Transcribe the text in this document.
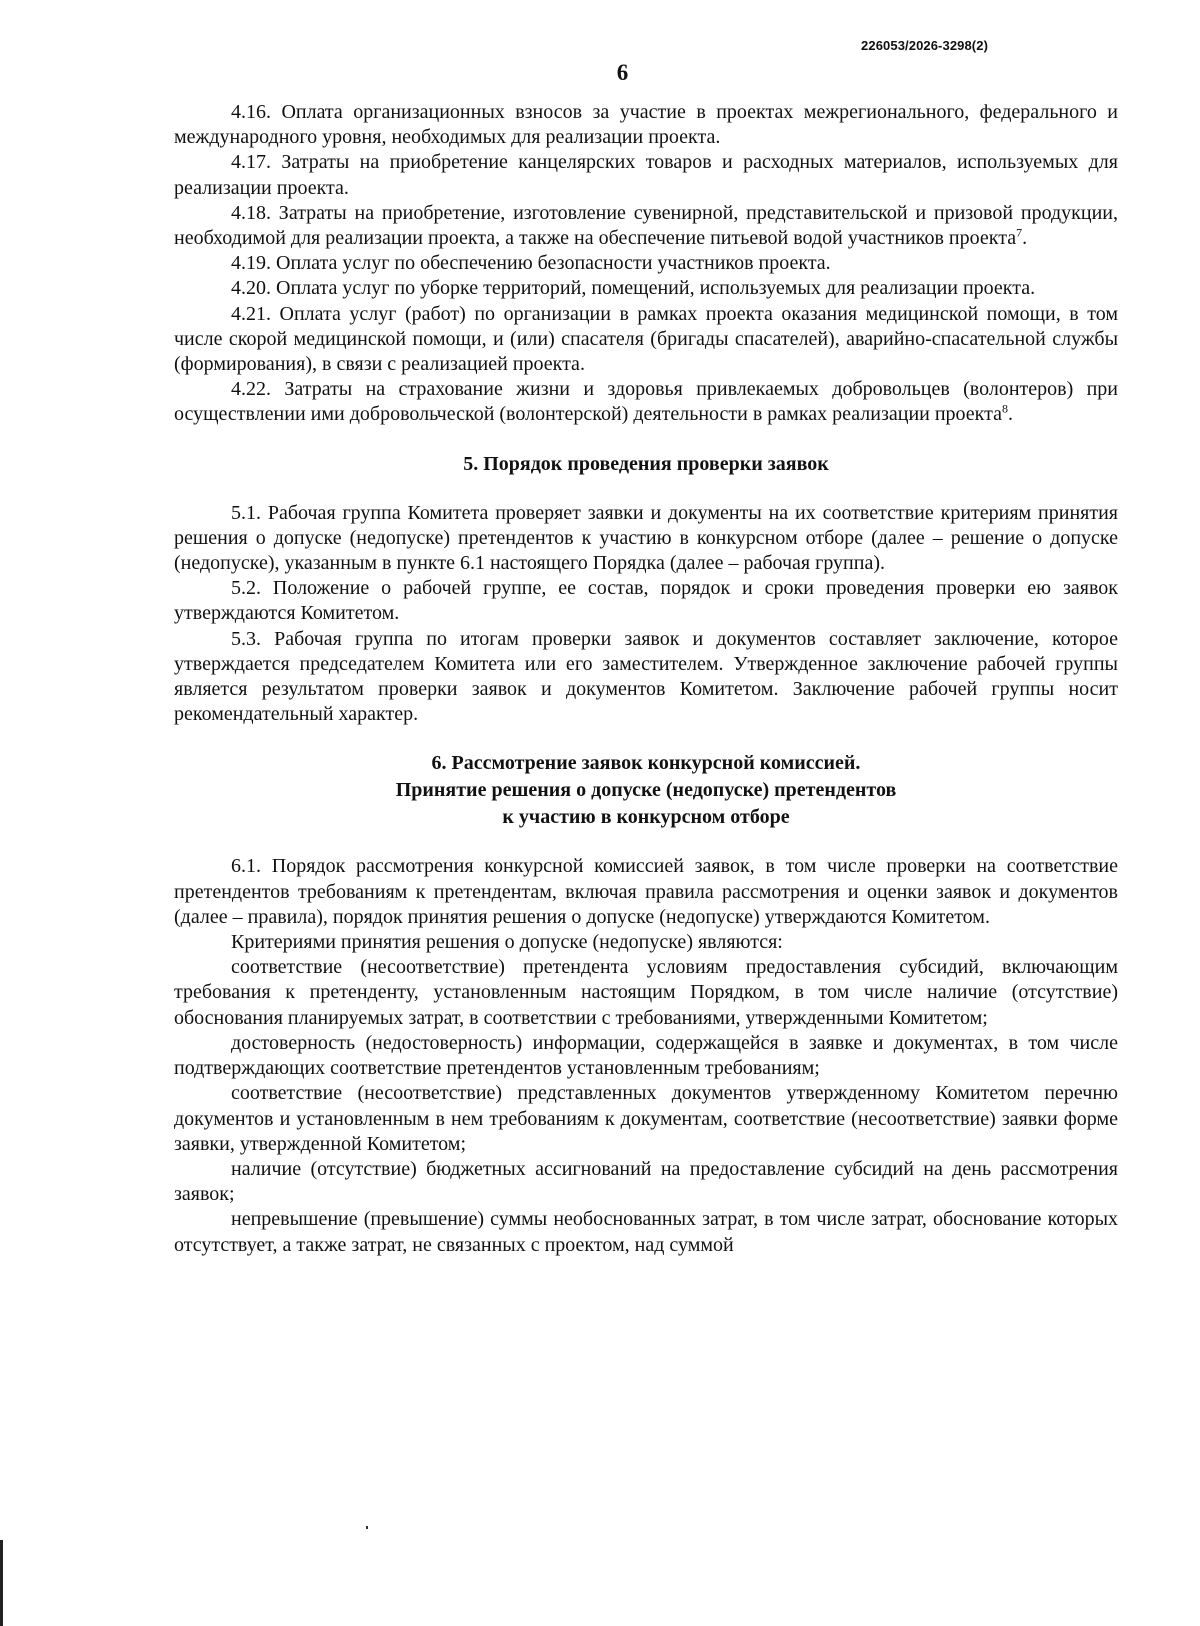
226053/2026-3298(2)
6

4.16. Оплата организационных взносов за участие в проектах межрегионального, федерального и международного уровня, необходимых для реализации проекта.

4.17. Затраты на приобретение канцелярских товаров и расходных материалов, используемых для реализации проекта.

4.18. Затраты на приобретение, изготовление сувенирной, представительской и призовой продукции, необходимой для реализации проекта, а также на обеспечение питьевой водой участников проекта$^7$.

4.19. Оплата услуг по обеспечению безопасности участников проекта.

4.20. Оплата услуг по уборке территорий, помещений, используемых для реализации проекта.

4.21. Оплата услуг (работ) по организации в рамках проекта оказания медицинской помощи, в том числе скорой медицинской помощи, и (или) спасателя (бригады спасателей), аварийно-спасательной службы (формирования), в связи с реализацией проекта.

4.22. Затраты на страхование жизни и здоровья привлекаемых добровольцев (волонтеров) при осуществлении ими добровольческой (волонтерской) деятельности в рамках реализации проекта$^8$.

5. Порядок проведения проверки заявок

5.1. Рабочая группа Комитета проверяет заявки и документы на их соответствие критериям принятия решения о допуске (недопуске) претендентов к участию в конкурсном отборе (далее – решение о допуске (недопуске), указанным в пункте 6.1 настоящего Порядка (далее – рабочая группа).

5.2. Положение о рабочей группе, ее состав, порядок и сроки проведения проверки ею заявок утверждаются Комитетом.

5.3. Рабочая группа по итогам проверки заявок и документов составляет заключение, которое утверждается председателем Комитета или его заместителем. Утвержденное заключение рабочей группы является результатом проверки заявок и документов Комитетом. Заключение рабочей группы носит рекомендательный характер.

6. Рассмотрение заявок конкурсной комиссией.
Принятие решения о допуске (недопуске) претендентов
к участию в конкурсном отборе

6.1. Порядок рассмотрения конкурсной комиссией заявок, в том числе проверки на соответствие претендентов требованиям к претендентам, включая правила рассмотрения и оценки заявок и документов (далее – правила), порядок принятия решения о допуске (недопуске) утверждаются Комитетом.

Критериями принятия решения о допуске (недопуске) являются:

соответствие (несоответствие) претендента условиям предоставления субсидий, включающим требования к претенденту, установленным настоящим Порядком, в том числе наличие (отсутствие) обоснования планируемых затрат, в соответствии с требованиями, утвержденными Комитетом;

достоверность (недостоверность) информации, содержащейся в заявке и документах, в том числе подтверждающих соответствие претендентов установленным требованиям;

соответствие (несоответствие) представленных документов утвержденному Комитетом перечню документов и установленным в нем требованиям к документам, соответствие (несоответствие) заявки форме заявки, утвержденной Комитетом;

наличие (отсутствие) бюджетных ассигнований на предоставление субсидий на день рассмотрения заявок;

непревышение (превышение) суммы необоснованных затрат, в том числе затрат, обоснование которых отсутствует, а также затрат, не связанных с проектом, над суммой
